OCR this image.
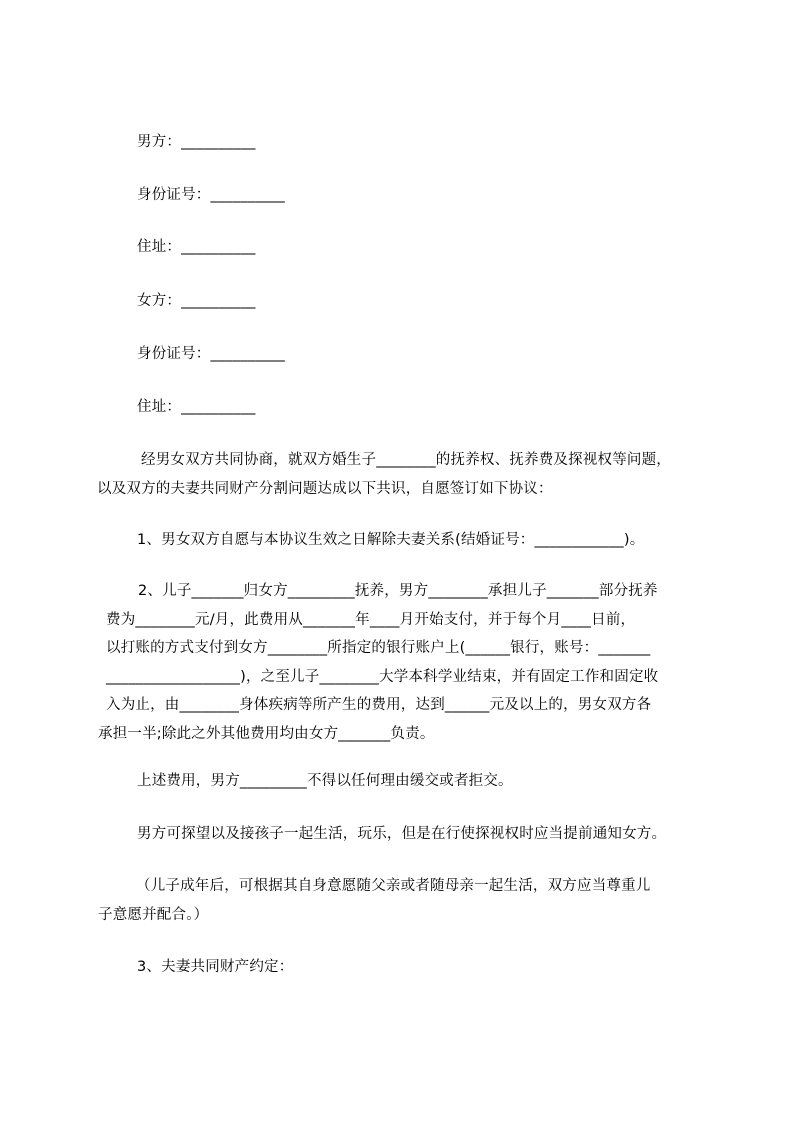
男方：__________
身份证号：__________
住址：__________
女方：__________
身份证号：__________
住址：__________
经男女双方共同协商，就双方婚生子________的抚养权、抚养费及探视权等问题，
以及双方的夫妻共同财产分割问题达成以下共识，自愿签订如下协议：
1、男女双方自愿与本协议生效之日解除夫妻关系(结婚证号：____________)。
2、儿子_______归女方_________抚养，男方________承担儿子_______部分抚养
费为________元/月，此费用从_______年____月开始支付，并于每个月____日前，
以打账的方式支付到女方________所指定的银行账户上(______银行，账号：_______
__________________)，之至儿子________大学本科学业结束，并有固定工作和固定收
入为止，由________身体疾病等所产生的费用，达到______元及以上的，男女双方各
承担一半;除此之外其他费用均由女方_______负责。
上述费用，男方_________不得以任何理由缓交或者拒交。
男方可探望以及接孩子一起生活，玩乐，但是在行使探视权时应当提前通知女方。
（儿子成年后，可根据其自身意愿随父亲或者随母亲一起生活，双方应当尊重儿
子意愿并配合。）
3、夫妻共同财产约定：
